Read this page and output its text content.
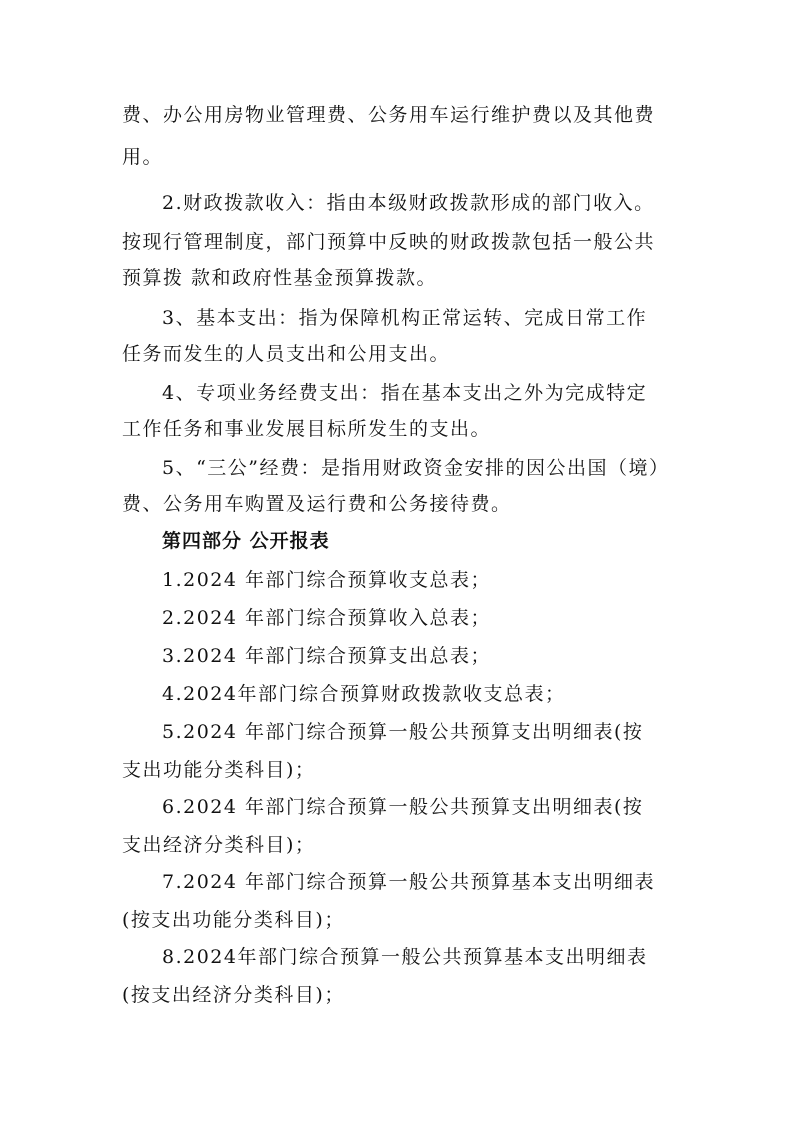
费、办公用房物业管理费、公务用车运行维护费以及其他费
用。
2.财政拨款收入：指由本级财政拨款形成的部门收入。
按现行管理制度，部门预算中反映的财政拨款包括一般公共
预算拨 款和政府性基金预算拨款。
3、基本支出：指为保障机构正常运转、完成日常工作
任务而发生的人员支出和公用支出。
4、专项业务经费支出：指在基本支出之外为完成特定
工作任务和事业发展目标所发生的支出。
5、“三公”经费：是指用财政资金安排的因公出国（境）
费、公务用车购置及运行费和公务接待费。
第四部分 公开报表
1.2024 年部门综合预算收支总表；
2.2024 年部门综合预算收入总表；
3.2024 年部门综合预算支出总表；
4.2024年部门综合预算财政拨款收支总表；
5.2024 年部门综合预算一般公共预算支出明细表(按
支出功能分类科目)；
6.2024 年部门综合预算一般公共预算支出明细表(按
支出经济分类科目)；
7.2024 年部门综合预算一般公共预算基本支出明细表
(按支出功能分类科目)；
8.2024年部门综合预算一般公共预算基本支出明细表
(按支出经济分类科目)；
